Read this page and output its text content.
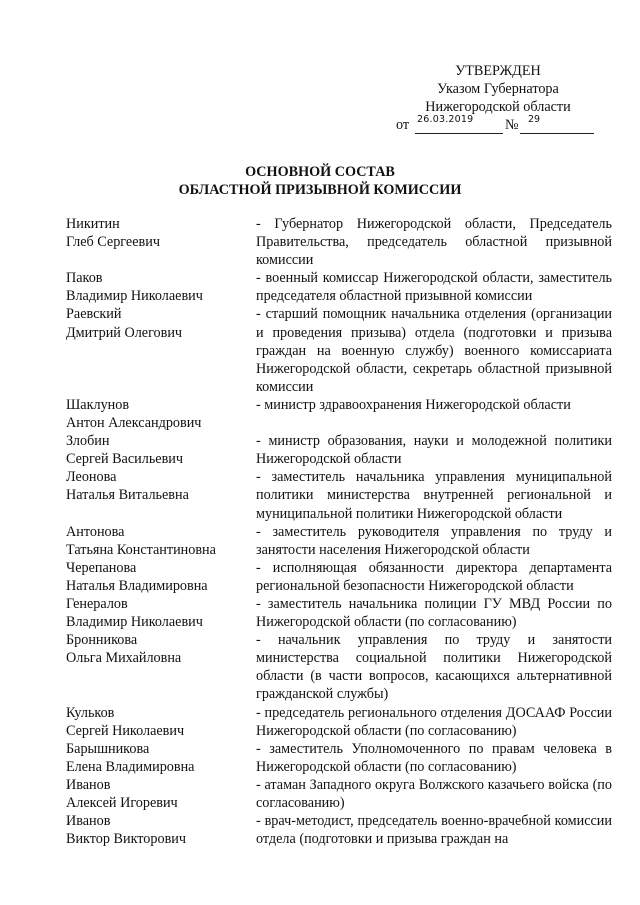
УТВЕРЖДЕН
Указом Губернатора
Нижегородской области
от 26.03.2019 № 29
ОСНОВНОЙ СОСТАВ
ОБЛАСТНОЙ ПРИЗЫВНОЙ КОМИССИИ
Никитин
Глеб Сергеевич
- Губернатор Нижегородской области, Председатель Правительства, председатель областной призывной комиссии
Паков
Владимир Николаевич
- военный комиссар Нижегородской области, заместитель председателя областной призывной комиссии
Раевский
Дмитрий Олегович
- старший помощник начальника отделения (организации и проведения призыва) отдела (подготовки и призыва граждан на военную службу) военного комиссариата Нижегородской области, секретарь областной призывной комиссии
Шаклунов
Антон Александрович
- министр здравоохранения Нижегородской области
Злобин
Сергей Васильевич
- министр образования, науки и молодежной политики Нижегородской области
Леонова
Наталья Витальевна
- заместитель начальника управления муниципальной политики министерства внутренней региональной и муниципальной политики Нижегородской области
Антонова
Татьяна Константиновна
- заместитель руководителя управления по труду и занятости населения Нижегородской области
Черепанова
Наталья Владимировна
- исполняющая обязанности директора департамента региональной безопасности Нижегородской области
Генералов
Владимир Николаевич
- заместитель начальника полиции ГУ МВД России по Нижегородской области (по согласованию)
Бронникова
Ольга Михайловна
- начальник управления по труду и занятости министерства социальной политики Нижегородской области (в части вопросов, касающихся альтернативной гражданской службы)
Кульков
Сергей Николаевич
- председатель регионального отделения ДОСААФ России Нижегородской области (по согласованию)
Барышникова
Елена Владимировна
- заместитель Уполномоченного по правам человека в Нижегородской области (по согласованию)
Иванов
Алексей Игоревич
- атаман Западного округа Волжского казачьего войска (по согласованию)
Иванов
Виктор Викторович
- врач-методист, председатель военно-врачебной комиссии отдела (подготовки и призыва граждан на
